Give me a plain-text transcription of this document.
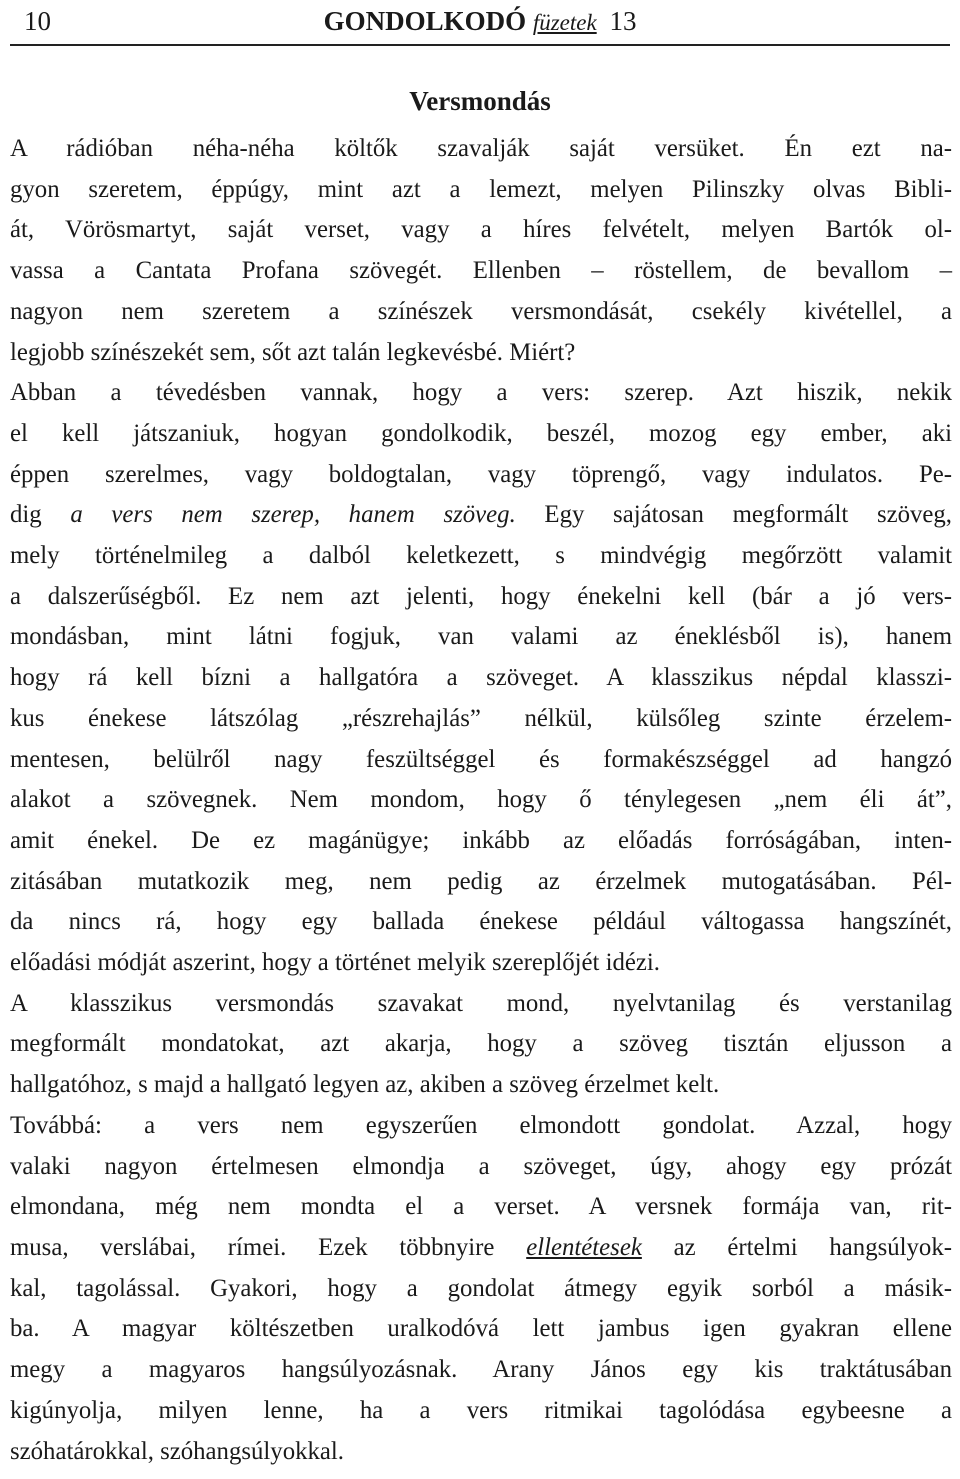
10	GONDOLKODÓ füzetek 13
Versmondás

A rádióban néha-néha költők szavalják saját versüket. Én ezt na-

gyon szeretem, éppúgy, mint azt a lemezt, melyen Pilinszky olvas Bibli-

át, Vörösmartyt, saját verset, vagy a híres felvételt, melyen Bartók ol-

vassa a Cantata Profana szövegét. Ellenben – röstellem, de bevallom –

nagyon nem szeretem a színészek versmondását, csekély kivétellel, a

legjobb színészekét sem, sőt azt talán legkevésbé. Miért?

Abban a tévedésben vannak, hogy a vers: szerep. Azt hiszik, nekik

el kell játszaniuk, hogyan gondolkodik, beszél, mozog egy ember, aki

éppen szerelmes, vagy boldogtalan, vagy töprengő, vagy indulatos. Pe-

dig a vers nem szerep, hanem szöveg. Egy sajátosan megformált szöveg,

mely történelmileg a dalból keletkezett, s mindvégig megőrzött valamit

a dalszerűségből. Ez nem azt jelenti, hogy énekelni kell (bár a jó vers-

mondásban, mint látni fogjuk, van valami az éneklésből is), hanem

hogy rá kell bízni a hallgatóra a szöveget. A klasszikus népdal klasszi-

kus énekese látszólag „részrehajlás” nélkül, külsőleg szinte érzelem-

mentesen, belülről nagy feszültséggel és formakészséggel ad hangzó

alakot a szövegnek. Nem mondom, hogy ő ténylegesen „nem éli át”,

amit énekel. De ez magánügye; inkább az előadás forróságában, inten-

zitásában mutatkozik meg, nem pedig az érzelmek mutogatásában. Pél-

da nincs rá, hogy egy ballada énekese például váltogassa hangszínét,

előadási módját aszerint, hogy a történet melyik szereplőjét idézi.

A klasszikus versmondás szavakat mond, nyelvtanilag és verstanilag

megformált mondatokat, azt akarja, hogy a szöveg tisztán eljusson a

hallgatóhoz, s majd a hallgató legyen az, akiben a szöveg érzelmet kelt.

Továbbá: a vers nem egyszerűen elmondott gondolat. Azzal, hogy

valaki nagyon értelmesen elmondja a szöveget, úgy, ahogy egy prózát

elmondana, még nem mondta el a verset. A versnek formája van, rit-

musa, verslábai, rímei. Ezek többnyire ellentétesek az értelmi hangsúlyok-

kal, tagolással. Gyakori, hogy a gondolat átmegy egyik sorból a másik-

ba. A magyar költészetben uralkodóvá lett jambus igen gyakran ellene

megy a magyaros hangsúlyozásnak. Arany János egy kis traktátusában

kigúnyolja, milyen lenne, ha a vers ritmikai tagolódása egybeesne a

szóhatárokkal, szóhangsúlyokkal.
